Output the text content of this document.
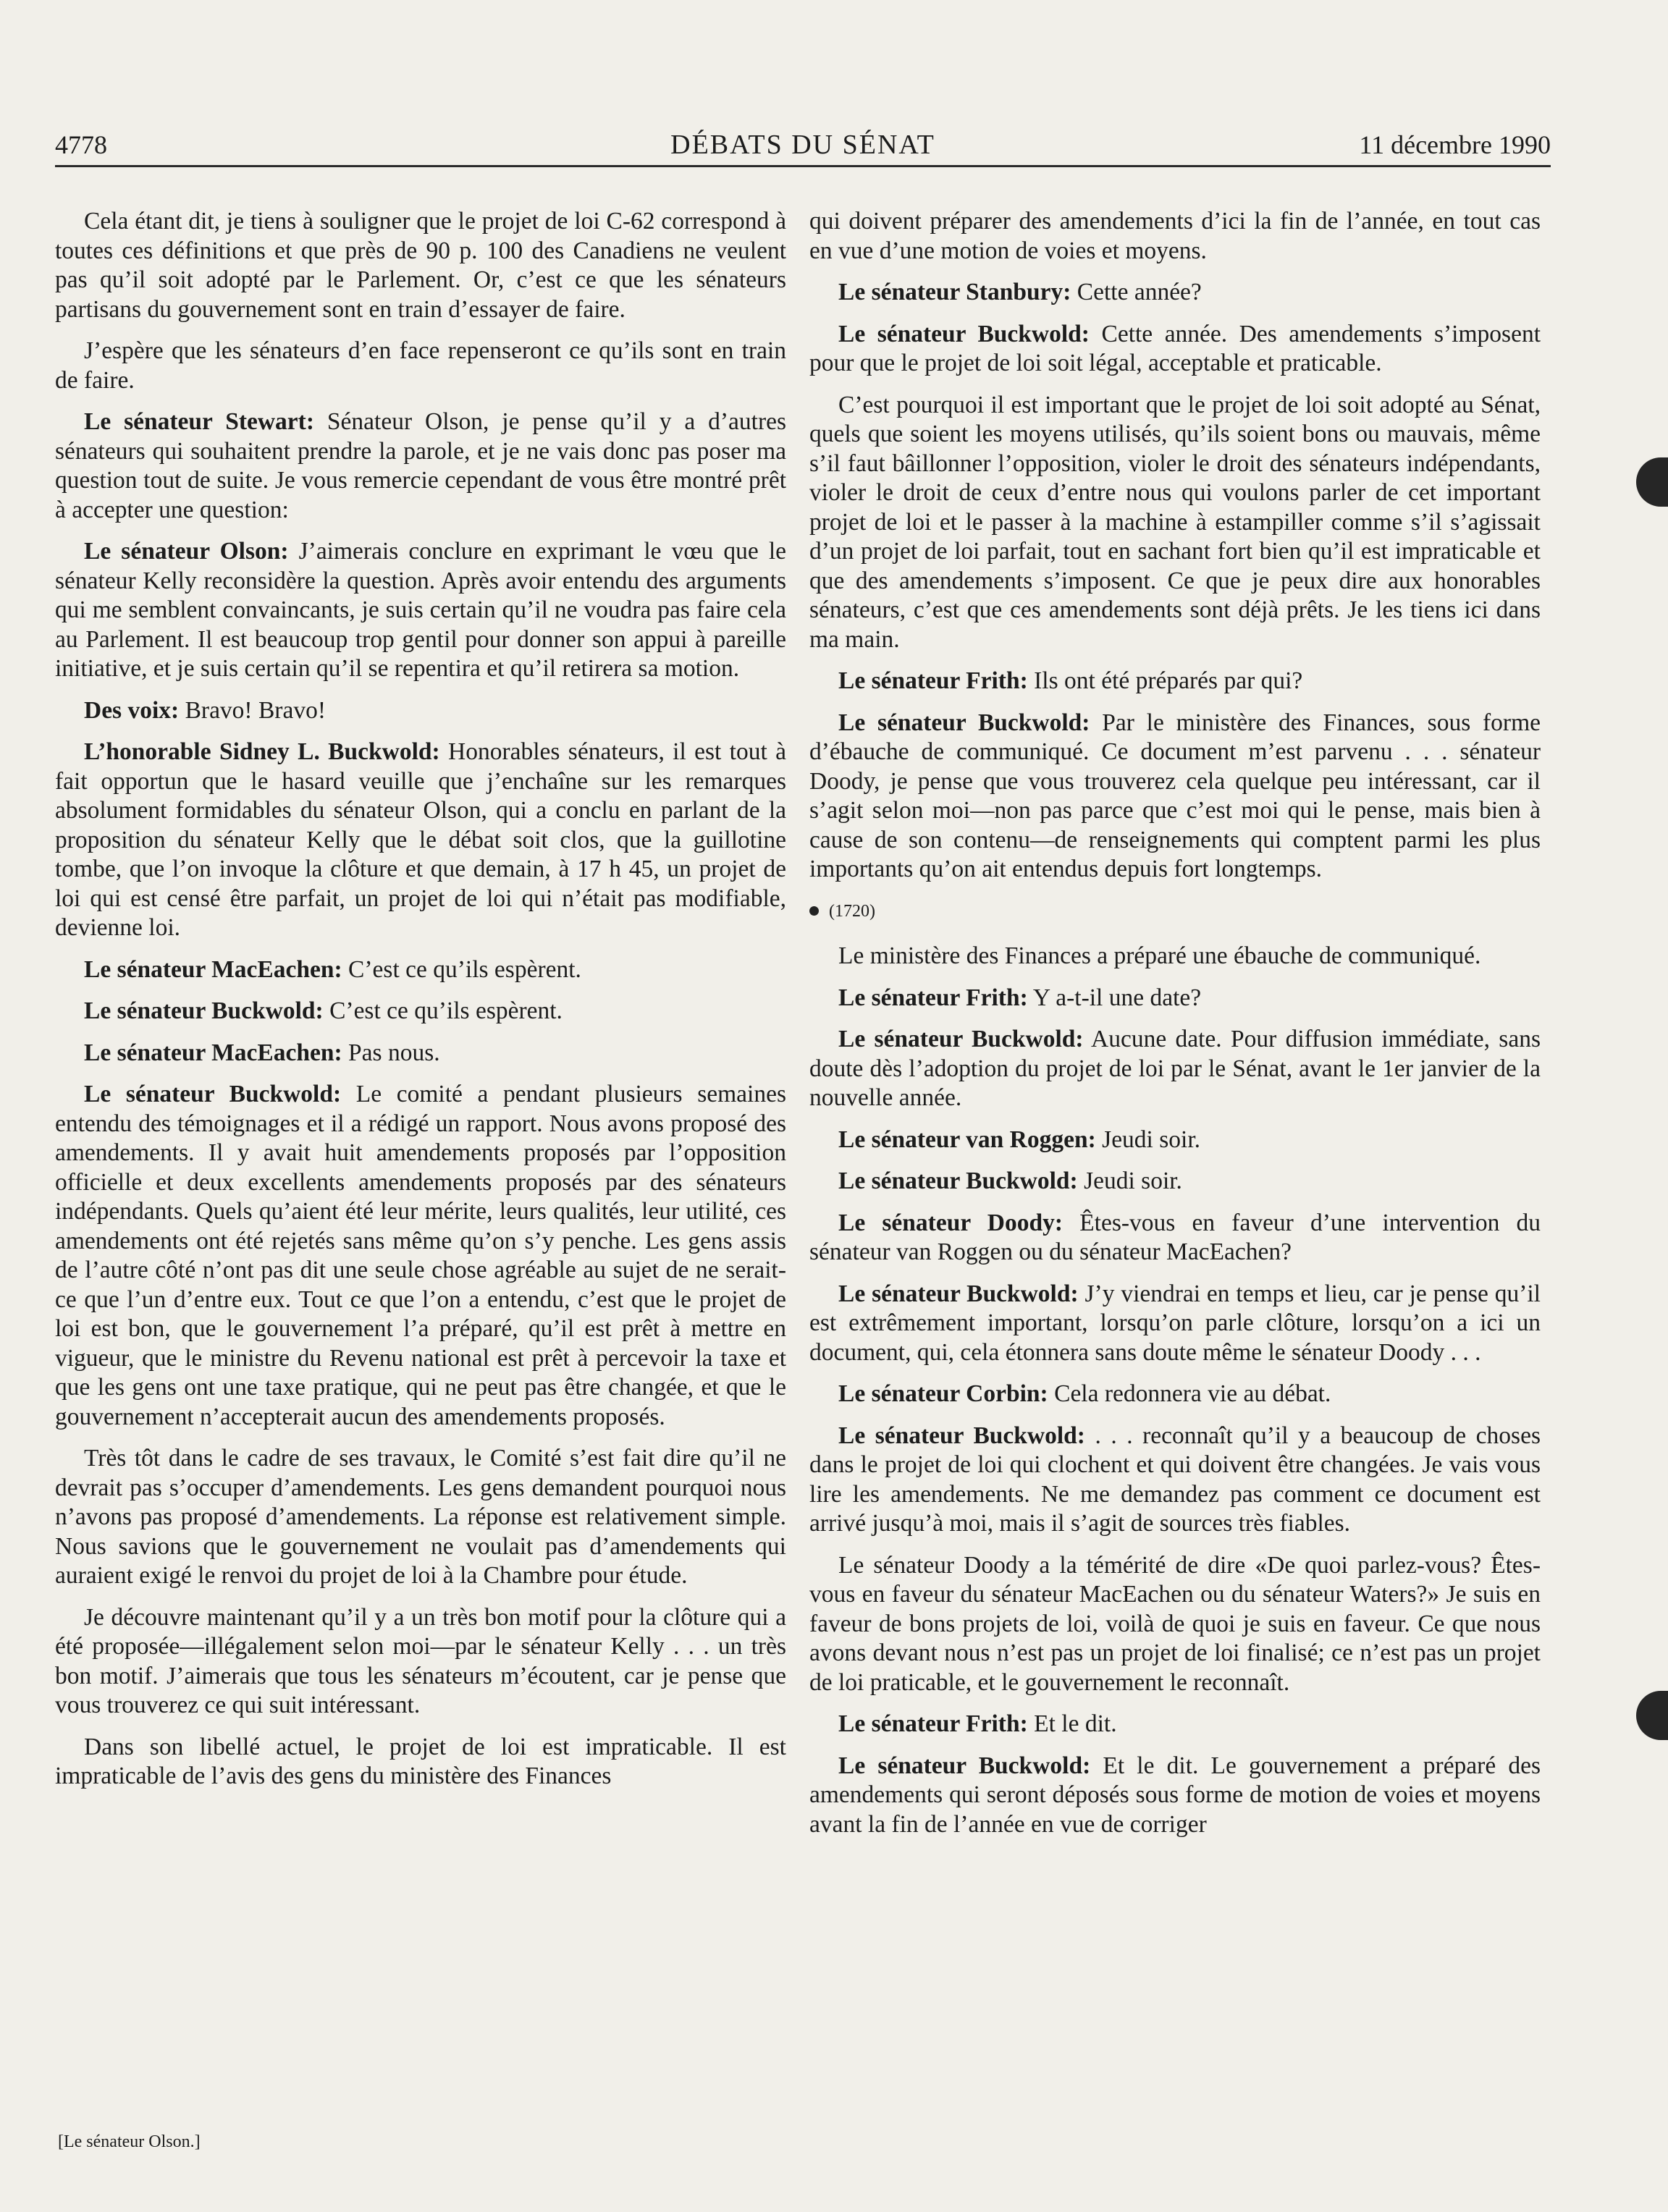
4778	DÉBATS DU SÉNAT	11 décembre 1990

Cela étant dit, je tiens à souligner que le projet de loi C-62 correspond à toutes ces définitions et que près de 90 p. 100 des Canadiens ne veulent pas qu’il soit adopté par le Parlement. Or, c’est ce que les sénateurs partisans du gouvernement sont en train d’essayer de faire.

J’espère que les sénateurs d’en face repenseront ce qu’ils sont en train de faire.

Le sénateur Stewart: Sénateur Olson, je pense qu’il y a d’autres sénateurs qui souhaitent prendre la parole, et je ne vais donc pas poser ma question tout de suite. Je vous remercie cependant de vous être montré prêt à accepter une question:

Le sénateur Olson: J’aimerais conclure en exprimant le vœu que le sénateur Kelly reconsidère la question. Après avoir entendu des arguments qui me semblent convaincants, je suis certain qu’il ne voudra pas faire cela au Parlement. Il est beaucoup trop gentil pour donner son appui à pareille initiative, et je suis certain qu’il se repentira et qu’il retirera sa motion.

Des voix: Bravo! Bravo!

L’honorable Sidney L. Buckwold: Honorables sénateurs, il est tout à fait opportun que le hasard veuille que j’enchaîne sur les remarques absolument formidables du sénateur Olson, qui a conclu en parlant de la proposition du sénateur Kelly que le débat soit clos, que la guillotine tombe, que l’on invoque la clôture et que demain, à 17 h 45, un projet de loi qui est censé être parfait, un projet de loi qui n’était pas modifiable, devienne loi.

Le sénateur MacEachen: C’est ce qu’ils espèrent.

Le sénateur Buckwold: C’est ce qu’ils espèrent.

Le sénateur MacEachen: Pas nous.

Le sénateur Buckwold: Le comité a pendant plusieurs semaines entendu des témoignages et il a rédigé un rapport. Nous avons proposé des amendements. Il y avait huit amendements proposés par l’opposition officielle et deux excellents amendements proposés par des sénateurs indépendants. Quels qu’aient été leur mérite, leurs qualités, leur utilité, ces amendements ont été rejetés sans même qu’on s’y penche. Les gens assis de l’autre côté n’ont pas dit une seule chose agréable au sujet de ne serait-ce que l’un d’entre eux. Tout ce que l’on a entendu, c’est que le projet de loi est bon, que le gouvernement l’a préparé, qu’il est prêt à mettre en vigueur, que le ministre du Revenu national est prêt à percevoir la taxe et que les gens ont une taxe pratique, qui ne peut pas être changée, et que le gouvernement n’accepterait aucun des amendements proposés.

Très tôt dans le cadre de ses travaux, le Comité s’est fait dire qu’il ne devrait pas s’occuper d’amendements. Les gens demandent pourquoi nous n’avons pas proposé d’amendements. La réponse est relativement simple. Nous savions que le gouvernement ne voulait pas d’amendements qui auraient exigé le renvoi du projet de loi à la Chambre pour étude.

Je découvre maintenant qu’il y a un très bon motif pour la clôture qui a été proposée—illégalement selon moi—par le sénateur Kelly . . . un très bon motif. J’aimerais que tous les sénateurs m’écoutent, car je pense que vous trouverez ce qui suit intéressant.

Dans son libellé actuel, le projet de loi est impraticable. Il est impraticable de l’avis des gens du ministère des Finances

[Le sénateur Olson.]

qui doivent préparer des amendements d’ici la fin de l’année, en tout cas en vue d’une motion de voies et moyens.

Le sénateur Stanbury: Cette année?

Le sénateur Buckwold: Cette année. Des amendements s’imposent pour que le projet de loi soit légal, acceptable et praticable.

C’est pourquoi il est important que le projet de loi soit adopté au Sénat, quels que soient les moyens utilisés, qu’ils soient bons ou mauvais, même s’il faut bâillonner l’opposition, violer le droit des sénateurs indépendants, violer le droit de ceux d’entre nous qui voulons parler de cet important projet de loi et le passer à la machine à estampiller comme s’il s’agissait d’un projet de loi parfait, tout en sachant fort bien qu’il est impraticable et que des amendements s’imposent. Ce que je peux dire aux honorables sénateurs, c’est que ces amendements sont déjà prêts. Je les tiens ici dans ma main.

Le sénateur Frith: Ils ont été préparés par qui?

Le sénateur Buckwold: Par le ministère des Finances, sous forme d’ébauche de communiqué. Ce document m’est parvenu . . . sénateur Doody, je pense que vous trouverez cela quelque peu intéressant, car il s’agit selon moi—non pas parce que c’est moi qui le pense, mais bien à cause de son contenu—de renseignements qui comptent parmi les plus importants qu’on ait entendus depuis fort longtemps.

(1720)

Le ministère des Finances a préparé une ébauche de communiqué.

Le sénateur Frith: Y a-t-il une date?

Le sénateur Buckwold: Aucune date. Pour diffusion immédiate, sans doute dès l’adoption du projet de loi par le Sénat, avant le 1er janvier de la nouvelle année.

Le sénateur van Roggen: Jeudi soir.

Le sénateur Buckwold: Jeudi soir.

Le sénateur Doody: Êtes-vous en faveur d’une intervention du sénateur van Roggen ou du sénateur MacEachen?

Le sénateur Buckwold: J’y viendrai en temps et lieu, car je pense qu’il est extrêmement important, lorsqu’on parle clôture, lorsqu’on a ici un document, qui, cela étonnera sans doute même le sénateur Doody . . .

Le sénateur Corbin: Cela redonnera vie au débat.

Le sénateur Buckwold: . . . reconnaît qu’il y a beaucoup de choses dans le projet de loi qui clochent et qui doivent être changées. Je vais vous lire les amendements. Ne me demandez pas comment ce document est arrivé jusqu’à moi, mais il s’agit de sources très fiables.

Le sénateur Doody a la témérité de dire «De quoi parlez-vous? Êtes-vous en faveur du sénateur MacEachen ou du sénateur Waters?» Je suis en faveur de bons projets de loi, voilà de quoi je suis en faveur. Ce que nous avons devant nous n’est pas un projet de loi finalisé; ce n’est pas un projet de loi praticable, et le gouvernement le reconnaît.

Le sénateur Frith: Et le dit.

Le sénateur Buckwold: Et le dit. Le gouvernement a préparé des amendements qui seront déposés sous forme de motion de voies et moyens avant la fin de l’année en vue de corriger
